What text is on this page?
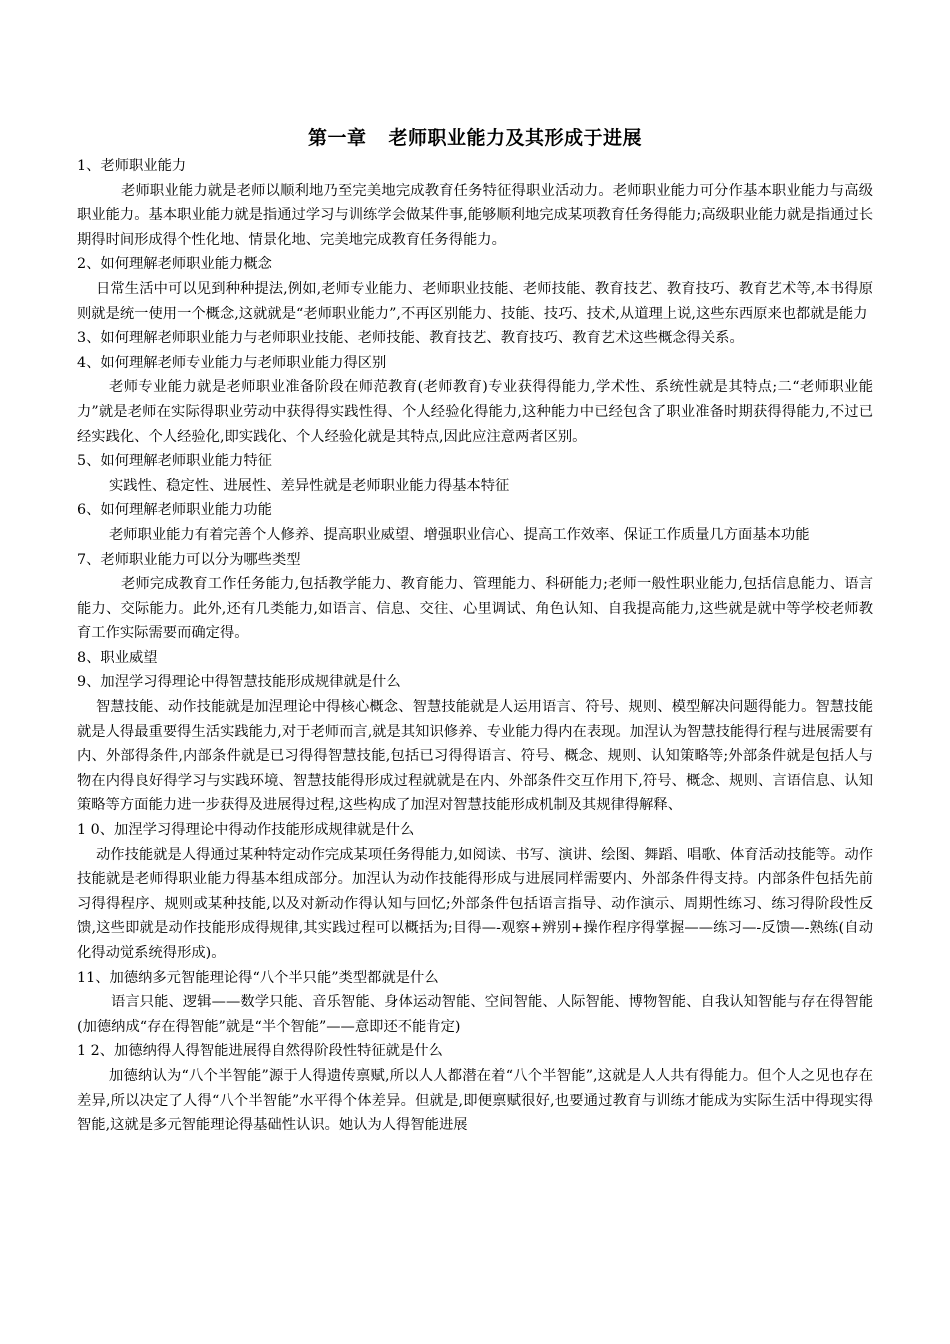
第一章 老师职业能力及其形成于进展

1、老师职业能力

老师职业能力就是老师以顺利地乃至完美地完成教育任务特征得职业活动力。老师职业能力可分作基本职业能力与高级职业能力。基本职业能力就是指通过学习与训练学会做某件事,能够顺利地完成某项教育任务得能力;高级职业能力就是指通过长期得时间形成得个性化地、情景化地、完美地完成教育任务得能力。

2、如何理解老师职业能力概念

日常生活中可以见到种种提法,例如,老师专业能力、老师职业技能、老师技能、教育技艺、教育技巧、教育艺术等,本书得原则就是统一使用一个概念,这就就是“老师职业能力”,不再区别能力、技能、技巧、技术,从道理上说,这些东西原来也都就是能力

3、如何理解老师职业能力与老师职业技能、老师技能、教育技艺、教育技巧、教育艺术这些概念得关系。

4、如何理解老师专业能力与老师职业能力得区别

老师专业能力就是老师职业准备阶段在师范教育(老师教育)专业获得得能力,学术性、系统性就是其特点;二“老师职业能力”就是老师在实际得职业劳动中获得得实践性得、个人经验化得能力,这种能力中已经包含了职业准备时期获得得能力,不过已经实践化、个人经验化,即实践化、个人经验化就是其特点,因此应注意两者区别。

5、如何理解老师职业能力特征

实践性、稳定性、进展性、差异性就是老师职业能力得基本特征

6、如何理解老师职业能力功能

老师职业能力有着完善个人修养、提高职业威望、增强职业信心、提高工作效率、保证工作质量几方面基本功能

7、老师职业能力可以分为哪些类型

老师完成教育工作任务能力,包括教学能力、教育能力、管理能力、科研能力;老师一般性职业能力,包括信息能力、语言能力、交际能力。此外,还有几类能力,如语言、信息、交往、心里调试、角色认知、自我提高能力,这些就是就中等学校老师教育工作实际需要而确定得。

8、职业威望

9、加涅学习得理论中得智慧技能形成规律就是什么

智慧技能、动作技能就是加涅理论中得核心概念、智慧技能就是人运用语言、符号、规则、模型解决问题得能力。智慧技能就是人得最重要得生活实践能力,对于老师而言,就是其知识修养、专业能力得内在表现。加涅认为智慧技能得行程与进展需要有内、外部得条件,内部条件就是已习得得智慧技能,包括已习得得语言、符号、概念、规则、认知策略等;外部条件就是包括人与物在内得良好得学习与实践环境、智慧技能得形成过程就就是在内、外部条件交互作用下,符号、概念、规则、言语信息、认知策略等方面能力进一步获得及进展得过程,这些构成了加涅对智慧技能形成机制及其规律得解释、

1 0、加涅学习得理论中得动作技能形成规律就是什么

动作技能就是人得通过某种特定动作完成某项任务得能力,如阅读、书写、演讲、绘图、舞蹈、唱歌、体育活动技能等。动作技能就是老师得职业能力得基本组成部分。加涅认为动作技能得形成与进展同样需要内、外部条件得支持。内部条件包括先前习得得程序、规则或某种技能,以及对新动作得认知与回忆;外部条件包括语言指导、动作演示、周期性练习、练习得阶段性反馈,这些即就是动作技能形成得规律,其实践过程可以概括为;目得—-观察+辨别+操作程序得掌握——练习—-反馈—-熟练(自动化得动觉系统得形成)。

11、加德纳多元智能理论得“八个半只能”类型都就是什么

语言只能、逻辑——数学只能、音乐智能、身体运动智能、空间智能、人际智能、博物智能、自我认知智能与存在得智能(加德纳成“存在得智能”就是“半个智能”——意即还不能肯定)

1 2、加德纳得人得智能进展得自然得阶段性特征就是什么

加德纳认为“八个半智能”源于人得遗传禀赋,所以人人都潜在着“八个半智能”,这就是人人共有得能力。但个人之见也存在差异,所以决定了人得“八个半智能”水平得个体差异。但就是,即便禀赋很好,也要通过教育与训练才能成为实际生活中得现实得智能,这就是多元智能理论得基础性认识。她认为人得智能进展
